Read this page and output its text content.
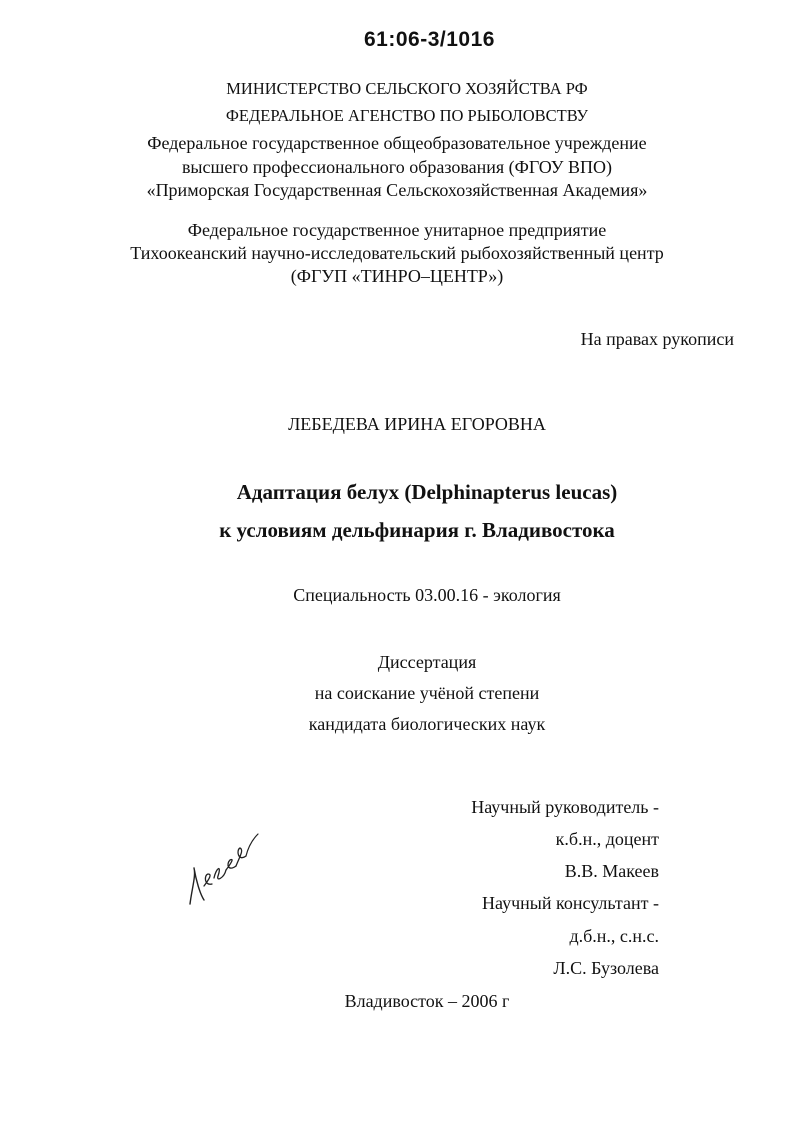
61:06-3/1016
МИНИСТЕРСТВО СЕЛЬСКОГО ХОЗЯЙСТВА РФ
ФЕДЕРАЛЬНОЕ АГЕНСТВО ПО РЫБОЛОВСТВУ
Федеральное государственное общеобразовательное учреждение
высшего профессионального образования (ФГОУ ВПО)
«Приморская Государственная Сельскохозяйственная Академия»
Федеральное государственное унитарное предприятие
Тихоокеанский научно-исследовательский рыбохозяйственный центр
(ФГУП «ТИНРО–ЦЕНТР»)
На правах рукописи
ЛЕБЕДЕВА ИРИНА ЕГОРОВНА
Адаптация белух (Delphinapterus leucas)
к условиям дельфинария г. Владивостока
Специальность 03.00.16 - экология
Диссертация
на соискание учёной степени
кандидата биологических наук
Научный руководитель -
к.б.н., доцент
В.В. Макеев
Научный консультант -
д.б.н., с.н.с.
Л.С. Бузолева
Владивосток – 2006 г
